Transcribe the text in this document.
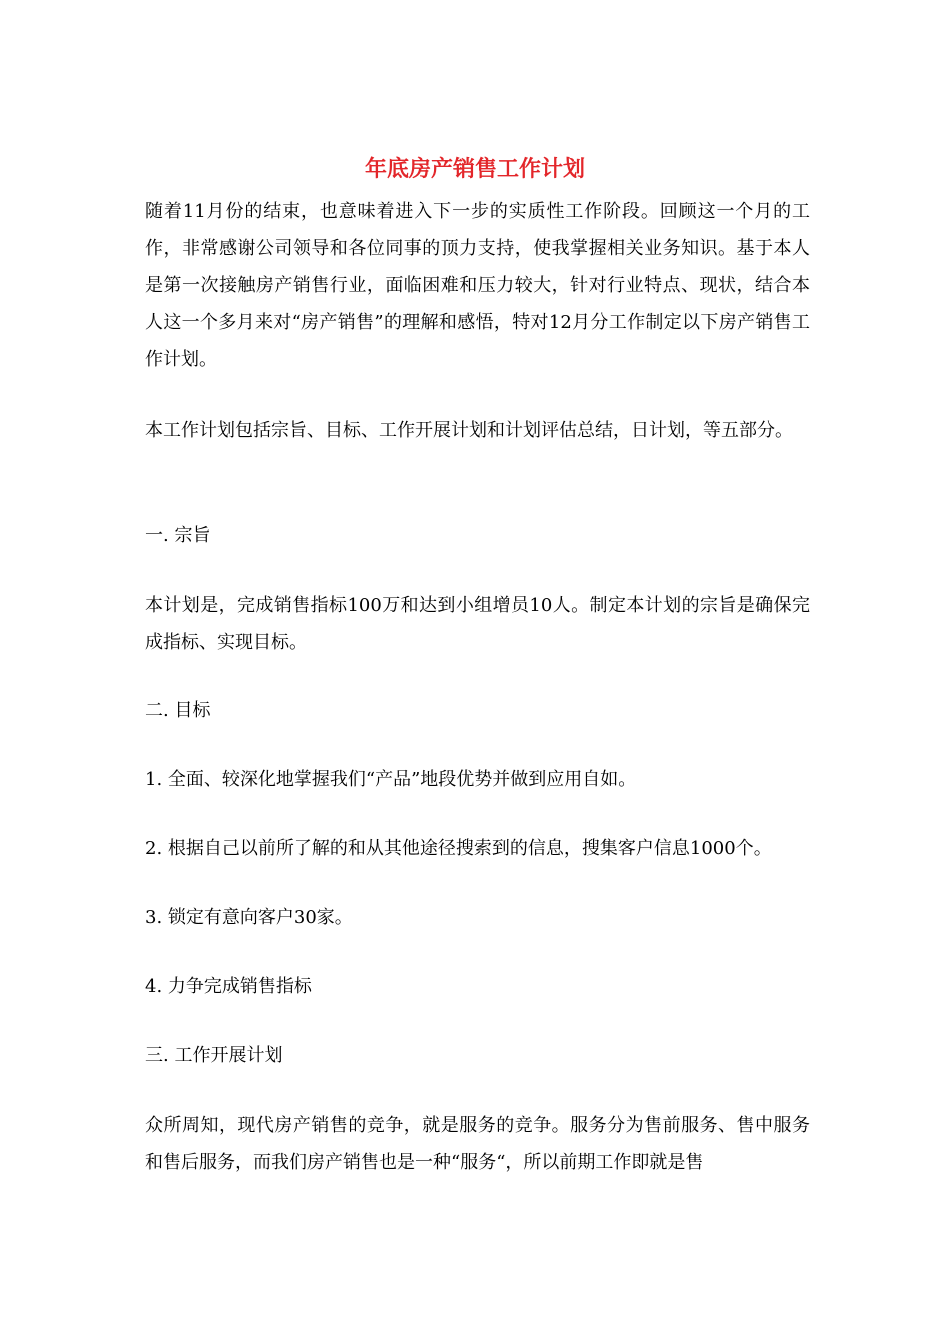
年底房产销售工作计划
随着11月份的结束，也意味着进入下一步的实质性工作阶段。回顾这一个月的工作，非常感谢公司领导和各位同事的顶力支持，使我掌握相关业务知识。基于本人是第一次接触房产销售行业，面临困难和压力较大，针对行业特点、现状，结合本人这一个多月来对“房产销售”的理解和感悟，特对12月分工作制定以下房产销售工作计划。
本工作计划包括宗旨、目标、工作开展计划和计划评估总结，日计划，等五部分。
一. 宗旨
本计划是，完成销售指标100万和达到小组增员10人。制定本计划的宗旨是确保完成指标、实现目标。
二. 目标
1. 全面、较深化地掌握我们“产品”地段优势并做到应用自如。
2. 根据自己以前所了解的和从其他途径搜索到的信息，搜集客户信息1000个。
3. 锁定有意向客户30家。
4. 力争完成销售指标
三. 工作开展计划
众所周知，现代房产销售的竞争，就是服务的竞争。服务分为售前服务、售中服务和售后服务，而我们房产销售也是一种“服务“，所以前期工作即就是售
